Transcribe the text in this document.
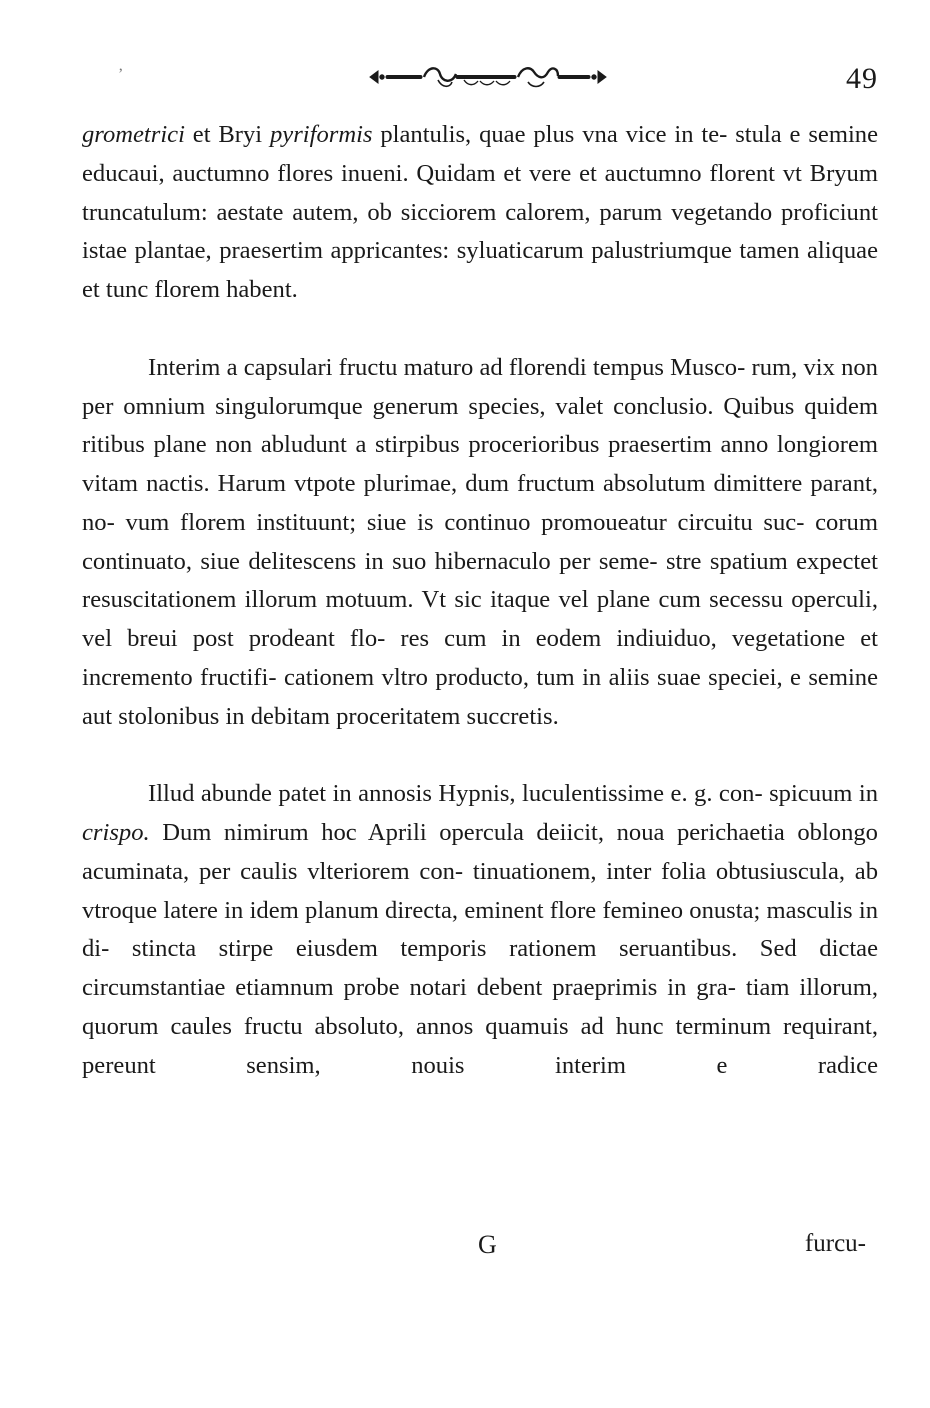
ʼ	49

grometrici et Bryi pyriformis plantulis, quae plus vna vice in te- stula e semine educaui, auctumno flores inueni. Quidam et vere et auctumno florent vt Bryum truncatulum: aestate autem, ob sicciorem calorem, parum vegetando proficiunt istae plantae, praesertim appricantes: syluaticarum palustriumque tamen aliquae et tunc florem habent.

Interim a capsulari fructu maturo ad florendi tempus Musco- rum, vix non per omnium singulorumque generum species, valet conclusio. Quibus quidem ritibus plane non abludunt a stirpibus procerioribus praesertim anno longiorem vitam nactis. Harum vtpote plurimae, dum fructum absolutum dimittere parant, no- vum florem instituunt; siue is continuo promoueatur circuitu suc- corum continuato, siue delitescens in suo hibernaculo per seme- stre spatium expectet resuscitationem illorum motuum. Vt sic itaque vel plane cum secessu operculi, vel breui post prodeant flo- res cum in eodem indiuiduo, vegetatione et incremento fructifi- cationem vltro producto, tum in aliis suae speciei, e semine aut stolonibus in debitam proceritatem succretis.

Illud abunde patet in annosis Hypnis, luculentissime e. g. con- spicuum in crispo. Dum nimirum hoc Aprili opercula deiicit, noua perichaetia oblongo acuminata, per caulis vlteriorem con- tinuationem, inter folia obtusiuscula, ab vtroque latere in idem planum directa, eminent flore femineo onusta; masculis in di- stincta stirpe eiusdem temporis rationem seruantibus. Sed dictae circumstantiae etiamnum probe notari debent praeprimis in gra- tiam illorum, quorum caules fructu absoluto, annos quamuis ad hunc terminum requirant, pereunt sensim, nouis interim e radice

G	furcu-
